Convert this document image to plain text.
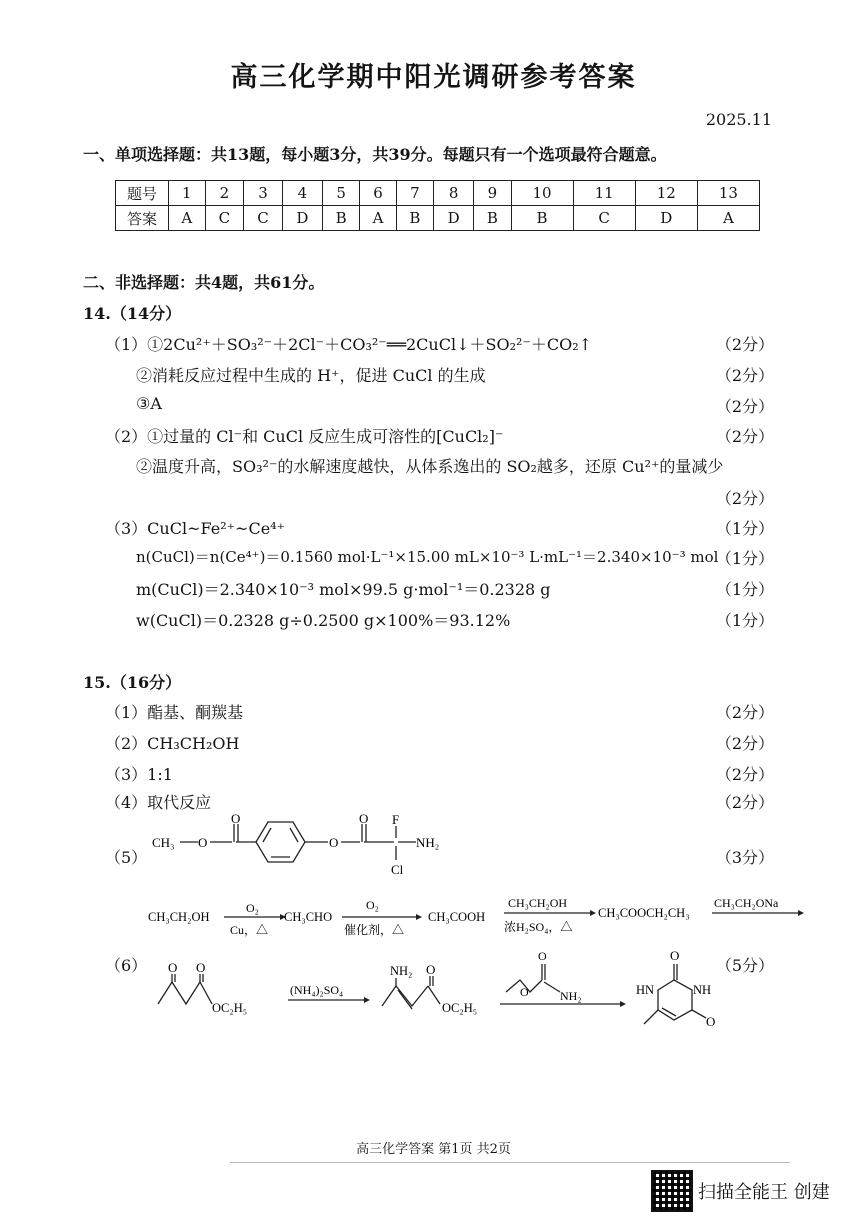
高三化学期中阳光调研参考答案
2025.11
一、单项选择题：共13题，每小题3分，共39分。每题只有一个选项最符合题意。
题号	1	2	3	4	5	6	7	8	9	10	11	12	13
答案	A	C	C	D	B	A	B	D	B	B	C	D	A
二、非选择题：共4题，共61分。
14.（14分）
（1）①2Cu²⁺＋SO₃²⁻＋2Cl⁻＋CO₃²⁻══2CuCl↓＋SO₂²⁻＋CO₂↑	（2分）
②消耗反应过程中生成的 H⁺，促进 CuCl 的生成	（2分）
③A	（2分）
（2）①过量的 Cl⁻和 CuCl 反应生成可溶性的[CuCl₂]⁻	（2分）
②温度升高，SO₃²⁻的水解速度越快，从体系逸出的 SO₂越多，还原 Cu²⁺的量减少
（2分）
（3）CuCl~Fe²⁺~Ce⁴⁺	（1分）
n(CuCl)＝n(Ce⁴⁺)＝0.1560 mol·L⁻¹×15.00 mL×10⁻³ L·mL⁻¹＝2.340×10⁻³ mol
（1分）
m(CuCl)＝2.340×10⁻³ mol×99.5 g·mol⁻¹＝0.2328 g	（1分）
w(CuCl)＝0.2328 g÷0.2500 g×100%＝93.12%	（1分）
15.（16分）
（1）酯基、酮羰基	（2分）
（2）CH₃CH₂OH	（2分）
（3）1:1	（2分）
（4）取代反应	（2分）
（5）	（3分）
CH₃ O
O
O
O F
Cl
NH₂
CH₃CH₂OH
O₂
Cu，△
CH₃CHO
O₂
催化剂，△
CH₃COOH
CH₃CH₂OH
浓H₂SO₄，△
CH₃COOCH₂CH₃
CH₃CH₂ONa
（6）	（5分）
O O
OC₂H₅
(NH₄)₂SO₄
NH₂ O
OC₂H₅
O
O
NH₂
O
HN	NH
O
高三化学答案 第1页 共2页
扫描全能王 创建
